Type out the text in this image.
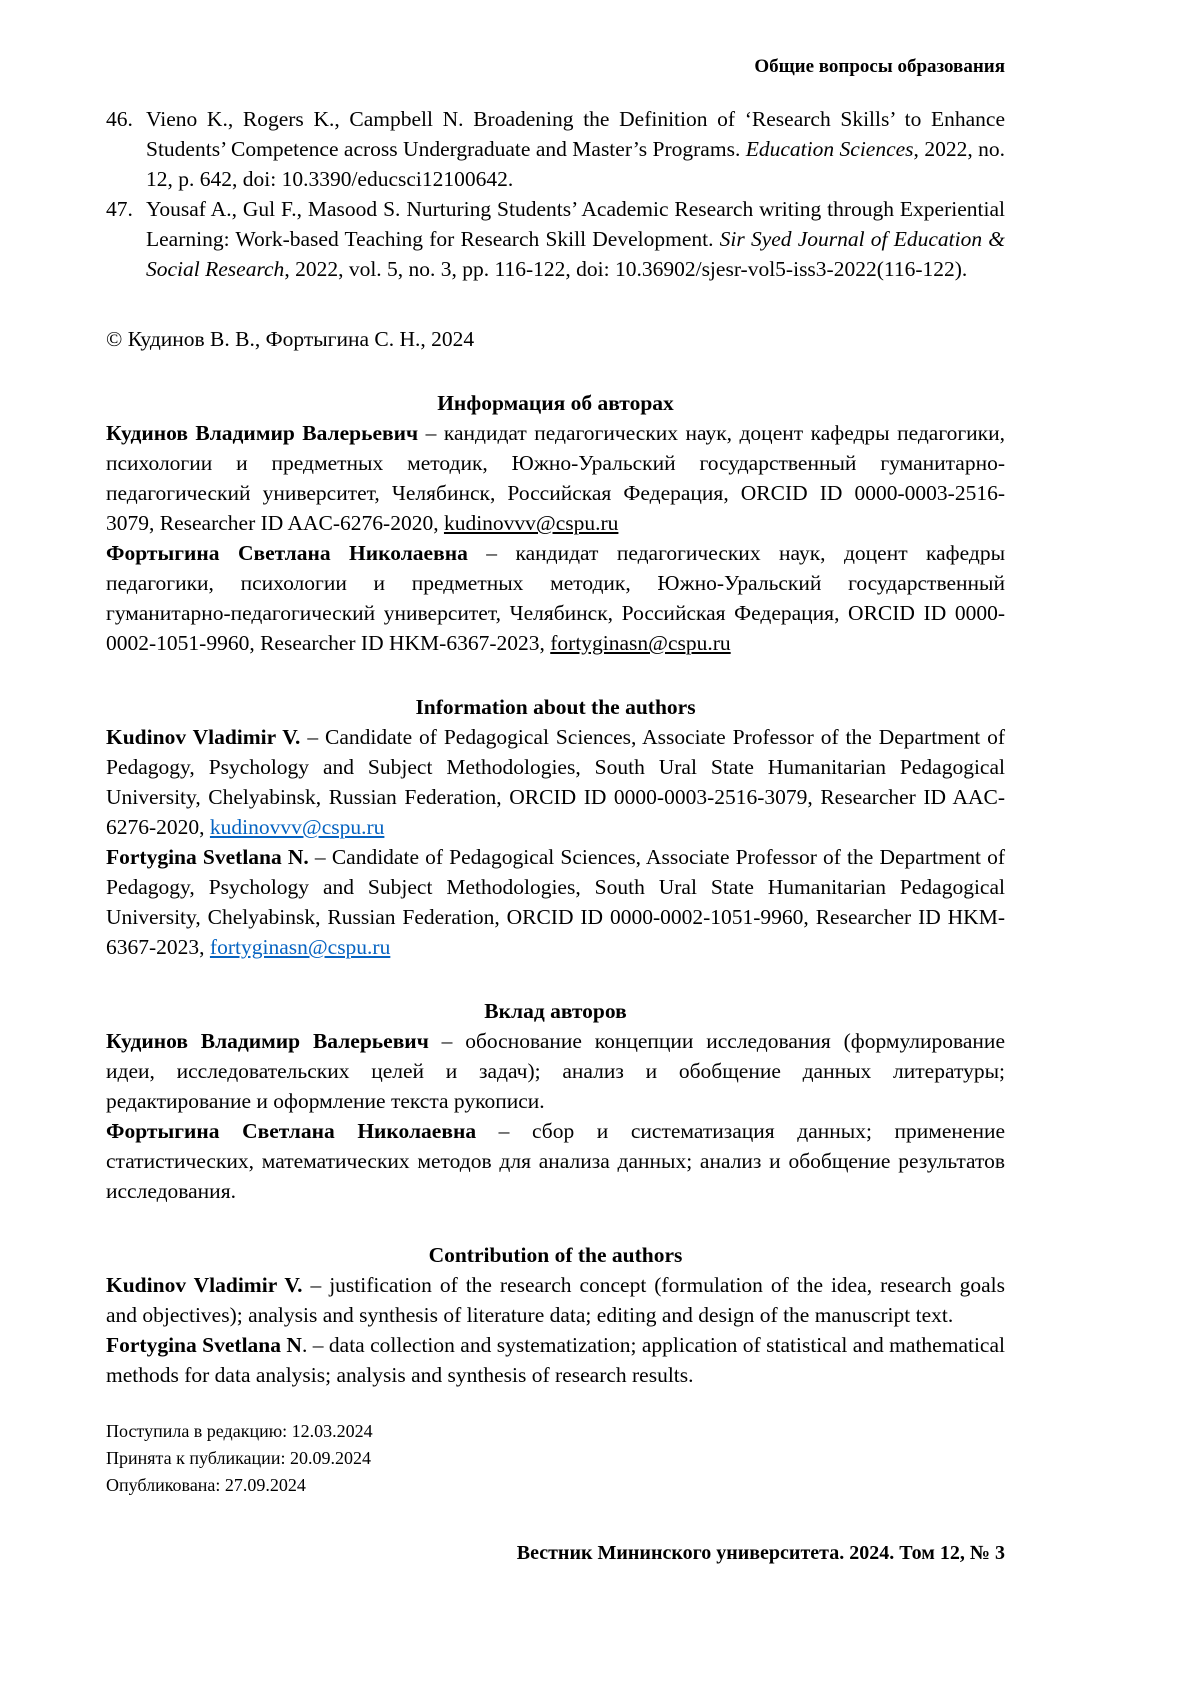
Общие вопросы образования
46. Vieno K., Rogers K., Campbell N. Broadening the Definition of ‘Research Skills’ to Enhance Students’ Competence across Undergraduate and Master’s Programs. Education Sciences, 2022, no. 12, p. 642, doi: 10.3390/educsci12100642.
47. Yousaf A., Gul F., Masood S. Nurturing Students’ Academic Research writing through Experiential Learning: Work-based Teaching for Research Skill Development. Sir Syed Journal of Education & Social Research, 2022, vol. 5, no. 3, pp. 116-122, doi: 10.36902/sjesr-vol5-iss3-2022(116-122).
© Кудинов В. В., Фортыгина С. Н., 2024
Информация об авторах
Кудинов Владимир Валерьевич – кандидат педагогических наук, доцент кафедры педагогики, психологии и предметных методик, Южно-Уральский государственный гуманитарно-педагогический университет, Челябинск, Российская Федерация, ORCID ID 0000-0003-2516-3079, Researcher ID AAC-6276-2020, kudinovvv@cspu.ru
Фортыгина Светлана Николаевна – кандидат педагогических наук, доцент кафедры педагогики, психологии и предметных методик, Южно-Уральский государственный гуманитарно-педагогический университет, Челябинск, Российская Федерация, ORCID ID 0000-0002-1051-9960, Researcher ID HKM-6367-2023, fortyginasn@cspu.ru
Information about the authors
Kudinov Vladimir V. – Candidate of Pedagogical Sciences, Associate Professor of the Department of Pedagogy, Psychology and Subject Methodologies, South Ural State Humanitarian Pedagogical University, Chelyabinsk, Russian Federation, ORCID ID 0000-0003-2516-3079, Researcher ID AAC-6276-2020, kudinovvv@cspu.ru
Fortygina Svetlana N. – Candidate of Pedagogical Sciences, Associate Professor of the Department of Pedagogy, Psychology and Subject Methodologies, South Ural State Humanitarian Pedagogical University, Chelyabinsk, Russian Federation, ORCID ID 0000-0002-1051-9960, Researcher ID HKM-6367-2023, fortyginasn@cspu.ru
Вклад авторов
Кудинов Владимир Валерьевич – обоснование концепции исследования (формулирование идеи, исследовательских целей и задач); анализ и обобщение данных литературы; редактирование и оформление текста рукописи.
Фортыгина Светлана Николаевна – сбор и систематизация данных; применение статистических, математических методов для анализа данных; анализ и обобщение результатов исследования.
Contribution of the authors
Kudinov Vladimir V. – justification of the research concept (formulation of the idea, research goals and objectives); analysis and synthesis of literature data; editing and design of the manuscript text.
Fortygina Svetlana N. – data collection and systematization; application of statistical and mathematical methods for data analysis; analysis and synthesis of research results.
Поступила в редакцию: 12.03.2024
Принята к публикации: 20.09.2024
Опубликована: 27.09.2024
Вестник Мининского университета. 2024. Том 12, № 3
